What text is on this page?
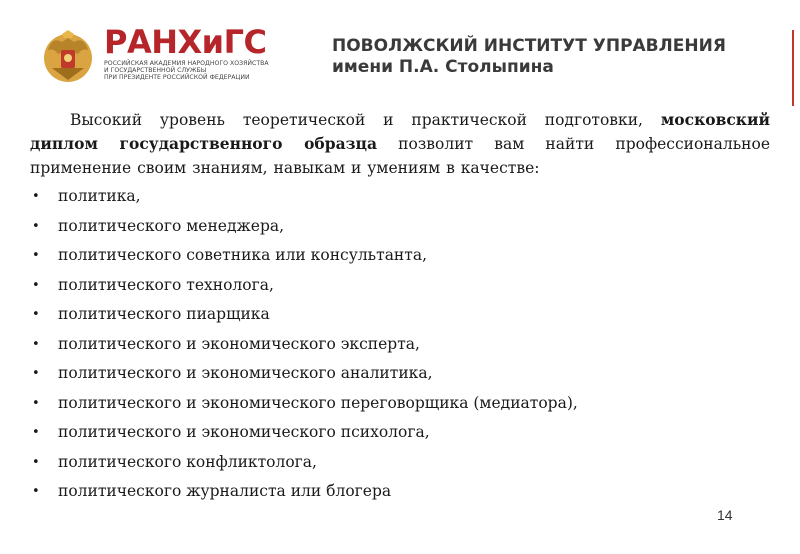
РАНХиГС
РОССИЙСКАЯ АКАДЕМИЯ НАРОДНОГО ХОЗЯЙСТВА
И ГОСУДАРСТВЕННОЙ СЛУЖБЫ
ПРИ ПРЕЗИДЕНТЕ РОССИЙСКОЙ ФЕДЕРАЦИИ
ПОВОЛЖСКИЙ ИНСТИТУТ УПРАВЛЕНИЯ
имени П.А. Столыпина

Высокий уровень теоретической и практической подготовки, московский диплом государственного образца позволит вам найти профессиональное применение своим знаниям, навыкам и умениям в качестве:

• политика,
• политического менеджера,
• политического советника или консультанта,
• политического технолога,
• политического пиарщика
• политического и экономического эксперта,
• политического и экономического аналитика,
• политического и экономического переговорщика (медиатора),
• политического и экономического психолога,
• политического конфликтолога,
• политического журналиста или блогера
14
